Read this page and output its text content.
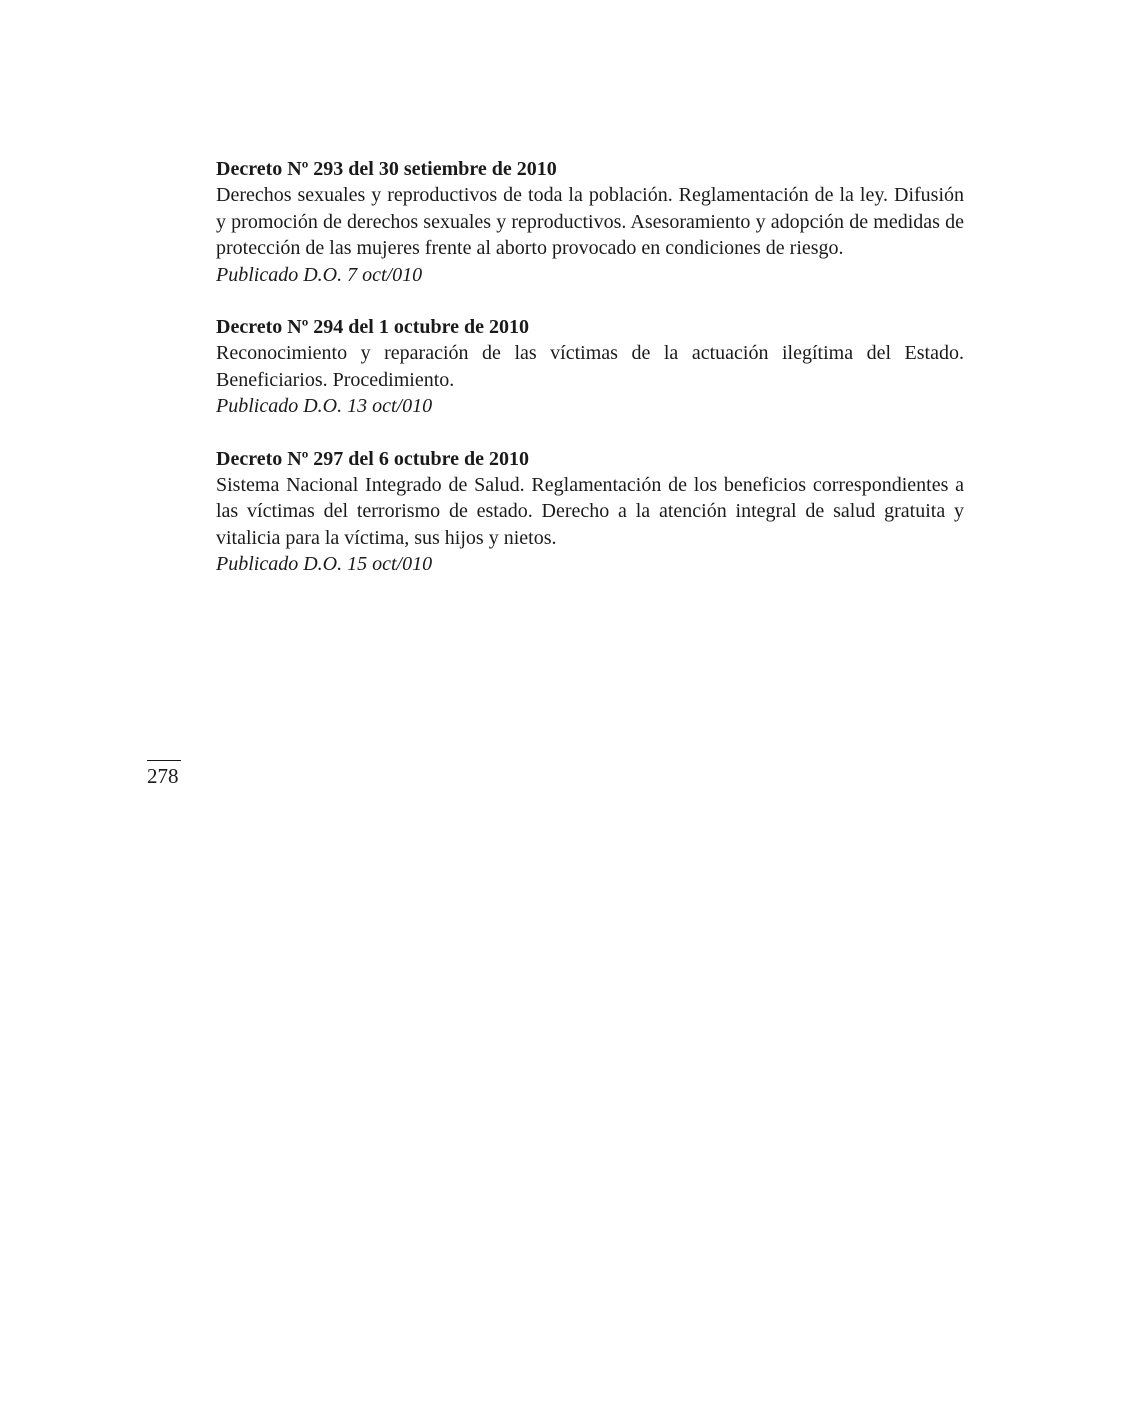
Decreto Nº 293 del 30 setiembre de 2010

Derechos sexuales y reproductivos de toda la población. Reglamentación de la ley. Difusión y promoción de derechos sexuales y reproductivos. Asesoramiento y adopción de medidas de protección de las mujeres frente al aborto provocado en condiciones de riesgo.

Publicado D.O. 7 oct/010

Decreto Nº 294 del 1 octubre de 2010

Reconocimiento y reparación de las víctimas de la actuación ilegítima del Estado. Beneficiarios. Procedimiento.

Publicado D.O. 13 oct/010

Decreto Nº 297 del 6 octubre de 2010

Sistema Nacional Integrado de Salud. Reglamentación de los beneficios correspondientes a las víctimas del terrorismo de estado. Derecho a la atención integral de salud gratuita y vitalicia para la víctima, sus hijos y nietos.

Publicado D.O. 15 oct/010

278
